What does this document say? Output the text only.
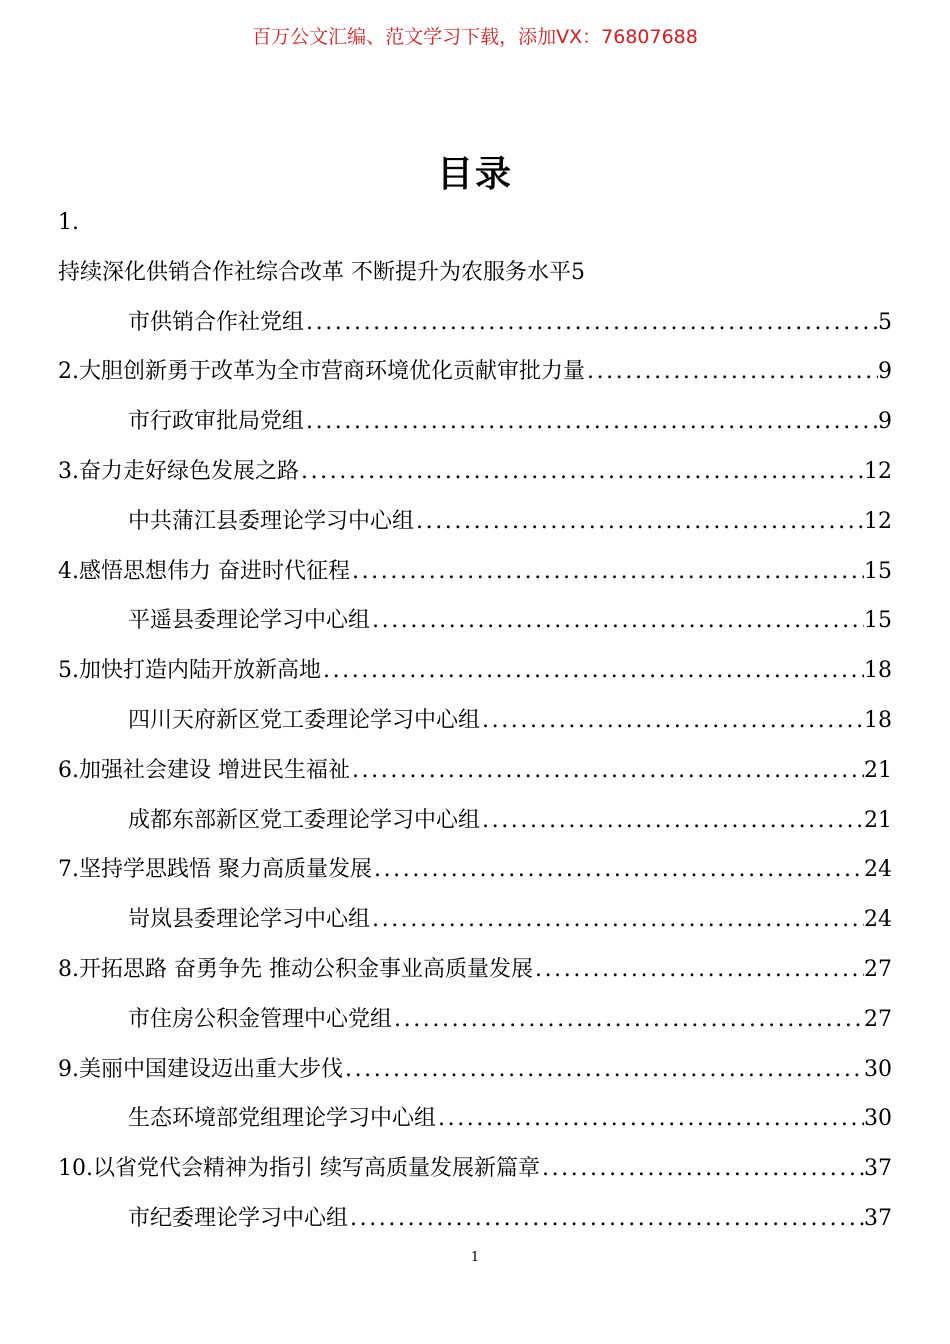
百万公文汇编、范文学习下载，添加VX：76807688
目录
1.
持续深化供销合作社综合改革 不断提升为农服务水平5
市供销合作社党组 .....	5
2.大胆创新勇于改革为全市营商环境优化贡献审批力量 .....	9
市行政审批局党组 .....	9
3.奋力走好绿色发展之路 .....	12
中共蒲江县委理论学习中心组 .....	12
4.感悟思想伟力 奋进时代征程 .....	15
平遥县委理论学习中心组 .....	15
5.加快打造内陆开放新高地 .....	18
四川天府新区党工委理论学习中心组 .....	18
6.加强社会建设 增进民生福祉 .....	21
成都东部新区党工委理论学习中心组 .....	21
7.坚持学思践悟 聚力高质量发展 .....	24
岢岚县委理论学习中心组 .....	24
8.开拓思路 奋勇争先 推动公积金事业高质量发展 .....	27
市住房公积金管理中心党组 .....	27
9.美丽中国建设迈出重大步伐 .....	30
生态环境部党组理论学习中心组 .....	30
10.以省党代会精神为指引 续写高质量发展新篇章 .....	37
市纪委理论学习中心组 .....	37
1
